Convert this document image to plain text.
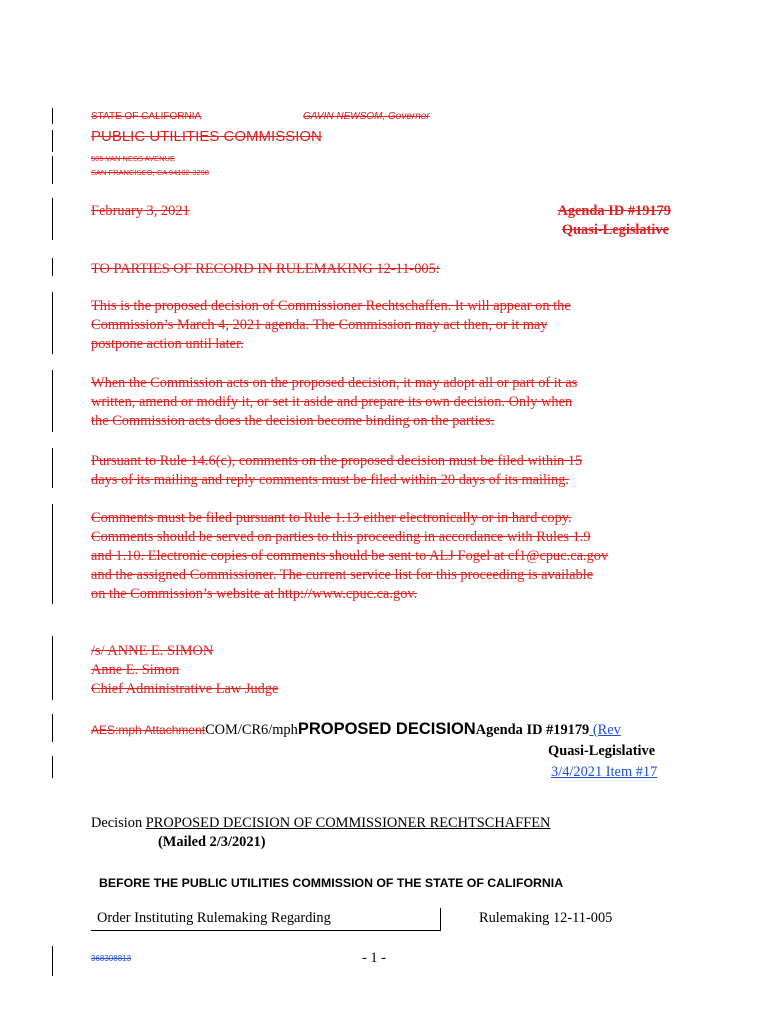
STATE OF CALIFORNIA	GAVIN NEWSOM, Governor
PUBLIC UTILITIES COMMISSION
505 VAN NESS AVENUE
SAN FRANCISCO, CA 94102-3298
February 3, 2021	Agenda ID #19179
Quasi-Legislative
TO PARTIES OF RECORD IN RULEMAKING 12-11-005:
This is the proposed decision of Commissioner Rechtschaffen. It will appear on the
Commission’s March 4, 2021 agenda. The Commission may act then, or it may
postpone action until later.
When the Commission acts on the proposed decision, it may adopt all or part of it as
written, amend or modify it, or set it aside and prepare its own decision. Only when
the Commission acts does the decision become binding on the parties.
Pursuant to Rule 14.6(c), comments on the proposed decision must be filed within 15
days of its mailing and reply comments must be filed within 20 days of its mailing.
Comments must be filed pursuant to Rule 1.13 either electronically or in hard copy.
Comments should be served on parties to this proceeding in accordance with Rules 1.9
and 1.10. Electronic copies of comments should be sent to ALJ Fogel at cf1@cpuc.ca.gov
and the assigned Commissioner. The current service list for this proceeding is available
on the Commission’s website at http://www.cpuc.ca.gov.
/s/ ANNE E. SIMON
Anne E. Simon
Chief Administrative Law Judge
AES:mph AttachmentCOM/CR6/mphPROPOSED DECISIONAgenda ID #19179 (Rev
Quasi-Legislative
3/4/2021 Item #17
Decision PROPOSED DECISION OF COMMISSIONER RECHTSCHAFFEN
(Mailed 2/3/2021)
BEFORE THE PUBLIC UTILITIES COMMISSION OF THE STATE OF CALIFORNIA
Order Instituting Rulemaking Regarding	Rulemaking 12-11-005
368308813	- 1 -
